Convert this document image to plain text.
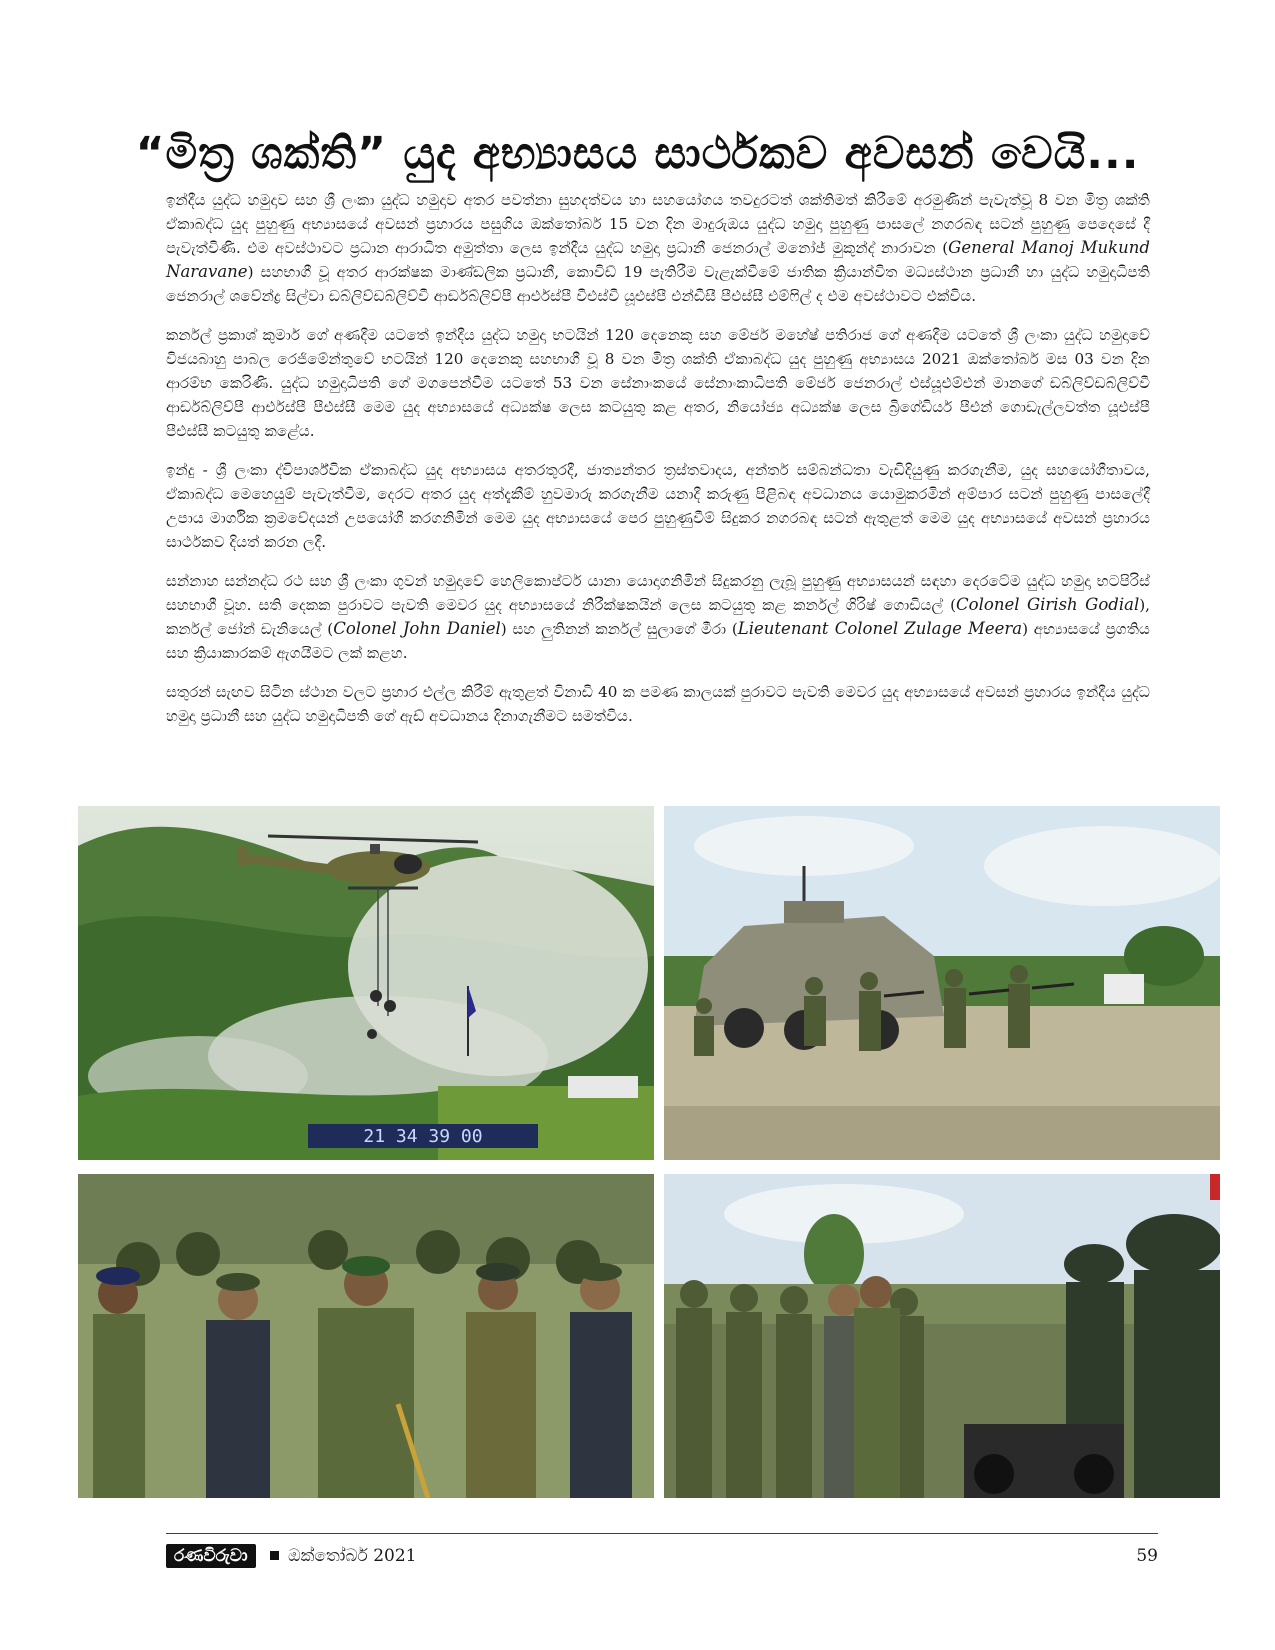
“මිත්‍ර ශක්ති” යුද අභ්‍යාසය සාර්ථකව අවසන් වෙයි...

ඉන්දීය යුද්ධ හමුදාව සහ ශ්‍රී ලංකා යුද්ධ හමුදාව අතර පවත්නා සුහදත්වය හා සහයෝගය තවදුරටත් ශක්තිමත් කිරීමේ අරමුණින් පැවැත්වූ 8 වන මිත්‍ර ශක්ති ඒකාබද්ධ යුද පුහුණු අභ්‍යාසයේ අවසන් ප්‍රහාරය පසුගිය ඔක්තෝබර් 15 වන දින මාදුරුඔය යුද්ධ හමුදා පුහුණු පාසලේ නගරබඳ සටන් පුහුණු පෙදෙසේ දී පැවැත්විණි. එම අවස්ථාවට ප්‍රධාන ආරාධිත අමුත්තා ලෙස ඉන්දීය යුද්ධ හමුදා ප්‍රධානී ජෙනරාල් මනෝජ් මුකුන්ද් නාරාවන (General Manoj Mukund Naravane) සහභාගී වූ අතර ආරක්ෂක මාණ්ඩලික ප්‍රධානී, කොවිඩ් 19 පැතිරීම වැළැක්වීමේ ජාතික ක්‍රියාන්විත මධ්‍යස්ථාන ප්‍රධානී හා යුද්ධ හමුදාධිපති ජෙනරාල් ශවේන්ද්‍ර සිල්වා ඩබ්ලිව්ඩබ්ලිව්වී ආර්ඩබ්ලිව්පී ආර්එස්පී වීඑස්වී යූඑස්පී එන්ඩීසී පීඑස්සී එම්ෆිල් ද එම අවස්ථාවට එක්විය.

කර්නල් ප්‍රකාශ් කුමාර් ගේ අණදීම යටතේ ඉන්දීය යුද්ධ හමුදා භටයින් 120 දෙනෙකු සහ මේජර් මහේෂ් පතිරාජ ගේ අණදීම යටතේ ශ්‍රී ලංකා යුද්ධ හමුදාවේ විජයබාහු පාබල රෙජිමේන්තුවේ භටයින් 120 දෙනෙකු සහභාගී වූ 8 වන මිත්‍ර ශක්ති ඒකාබද්ධ යුද පුහුණු අභ්‍යාසය 2021 ඔක්තෝබර් මස 03 වන දින ආරම්භ කෙරිණි. යුද්ධ හමුදාධිපති ගේ මගපෙන්වීම යටතේ 53 වන සේනාංකයේ සේනාංකාධිපති මේජර් ජෙනරාල් එස්යූඑම්එන් මානගේ ඩබ්ලිව්ඩබ්ලිව්වී ආර්ඩබ්ලිව්පී ආර්එස්පී පීඑස්සී මෙම යුද අභ්‍යාසයේ අධ්‍යක්ෂ ලෙස කටයුතු කළ අතර, නියෝජ්‍ය අධ්‍යක්ෂ ලෙස බ්‍රිගේඩියර් පීඑන් ගොඩැල්ලවත්ත යූඑස්පී පීඑස්සී කටයුතු කළේය.

ඉන්දු - ශ්‍රී ලංකා ද්විපාර්ශ්වික ඒකාබද්ධ යුද අභ්‍යාසය අතරතුරදී, ජාත්‍යන්තර ත්‍රස්තවාදය, අන්තර් සම්බන්ධතා වැඩිදියුණු කරගැනීම, යුද සහයෝගීතාවය, ඒකාබද්ධ මෙහෙයුම් පැවැත්වීම, දෙරට අතර යුද අත්දැකීම් හුවමාරු කරගැනීම යනාදී කරුණු පිළිබඳ අවධානය යොමුකරමින් අම්පාර සටන් පුහුණු පාසලේදී උපාය මාර්ගික ක්‍රමවේදයන් උපයෝගී කරගනිමින් මෙම යුද අභ්‍යාසයේ පෙර පුහුණුවීම් සිදුකර නගරබඳ සටන් ඇතුළත් මෙම යුද අභ්‍යාසයේ අවසන් ප්‍රහාරය සාර්ථකව දියත් කරන ලදී.

සන්නාහ සන්නද්ධ රථ සහ ශ්‍රී ලංකා ගුවන් හමුදාවේ හෙලිකොප්ටර් යානා යොදාගනිමින් සිදුකරනු ලැබූ පුහුණු අභ්‍යාසයන් සඳහා දෙරටේම යුද්ධ හමුදා භටපිරිස් සහභාගී වූහ. සති දෙකක පුරාවට පැවති මෙවර යුද අභ්‍යාසයේ නිරීක්ෂකයින් ලෙස කටයුතු කළ කර්නල් ගිරිෂ් ගොඩියල් (Colonel Girish Godial), කර්නල් ජෝන් ඩැනියෙල් (Colonel John Daniel) සහ ලුතිනන් කර්නල් සුලාගේ මීරා (Lieutenant Colonel Zulage Meera) අභ්‍යාසයේ ප්‍රගතිය සහ ක්‍රියාකාරකම් ඇගයීමට ලක් කළහ.

සතුරන් සැඟව සිටින ස්ථාන වලට ප්‍රහාර එල්ල කිරීම් ඇතුළත් විනාඩි 40 ක පමණ කාලයක් පුරාවට පැවති මෙවර යුද අභ්‍යාසයේ අවසන් ප්‍රහාරය ඉන්දීය යුද්ධ හමුදා ප්‍රධානී සහ යුද්ධ හමුදාධිපති ගේ ඇඩ් අවධානය දිනාගැනීමට සමත්විය.

21 34 39 00
රණවිරුවා	ඔක්තෝබර් 2021	59
